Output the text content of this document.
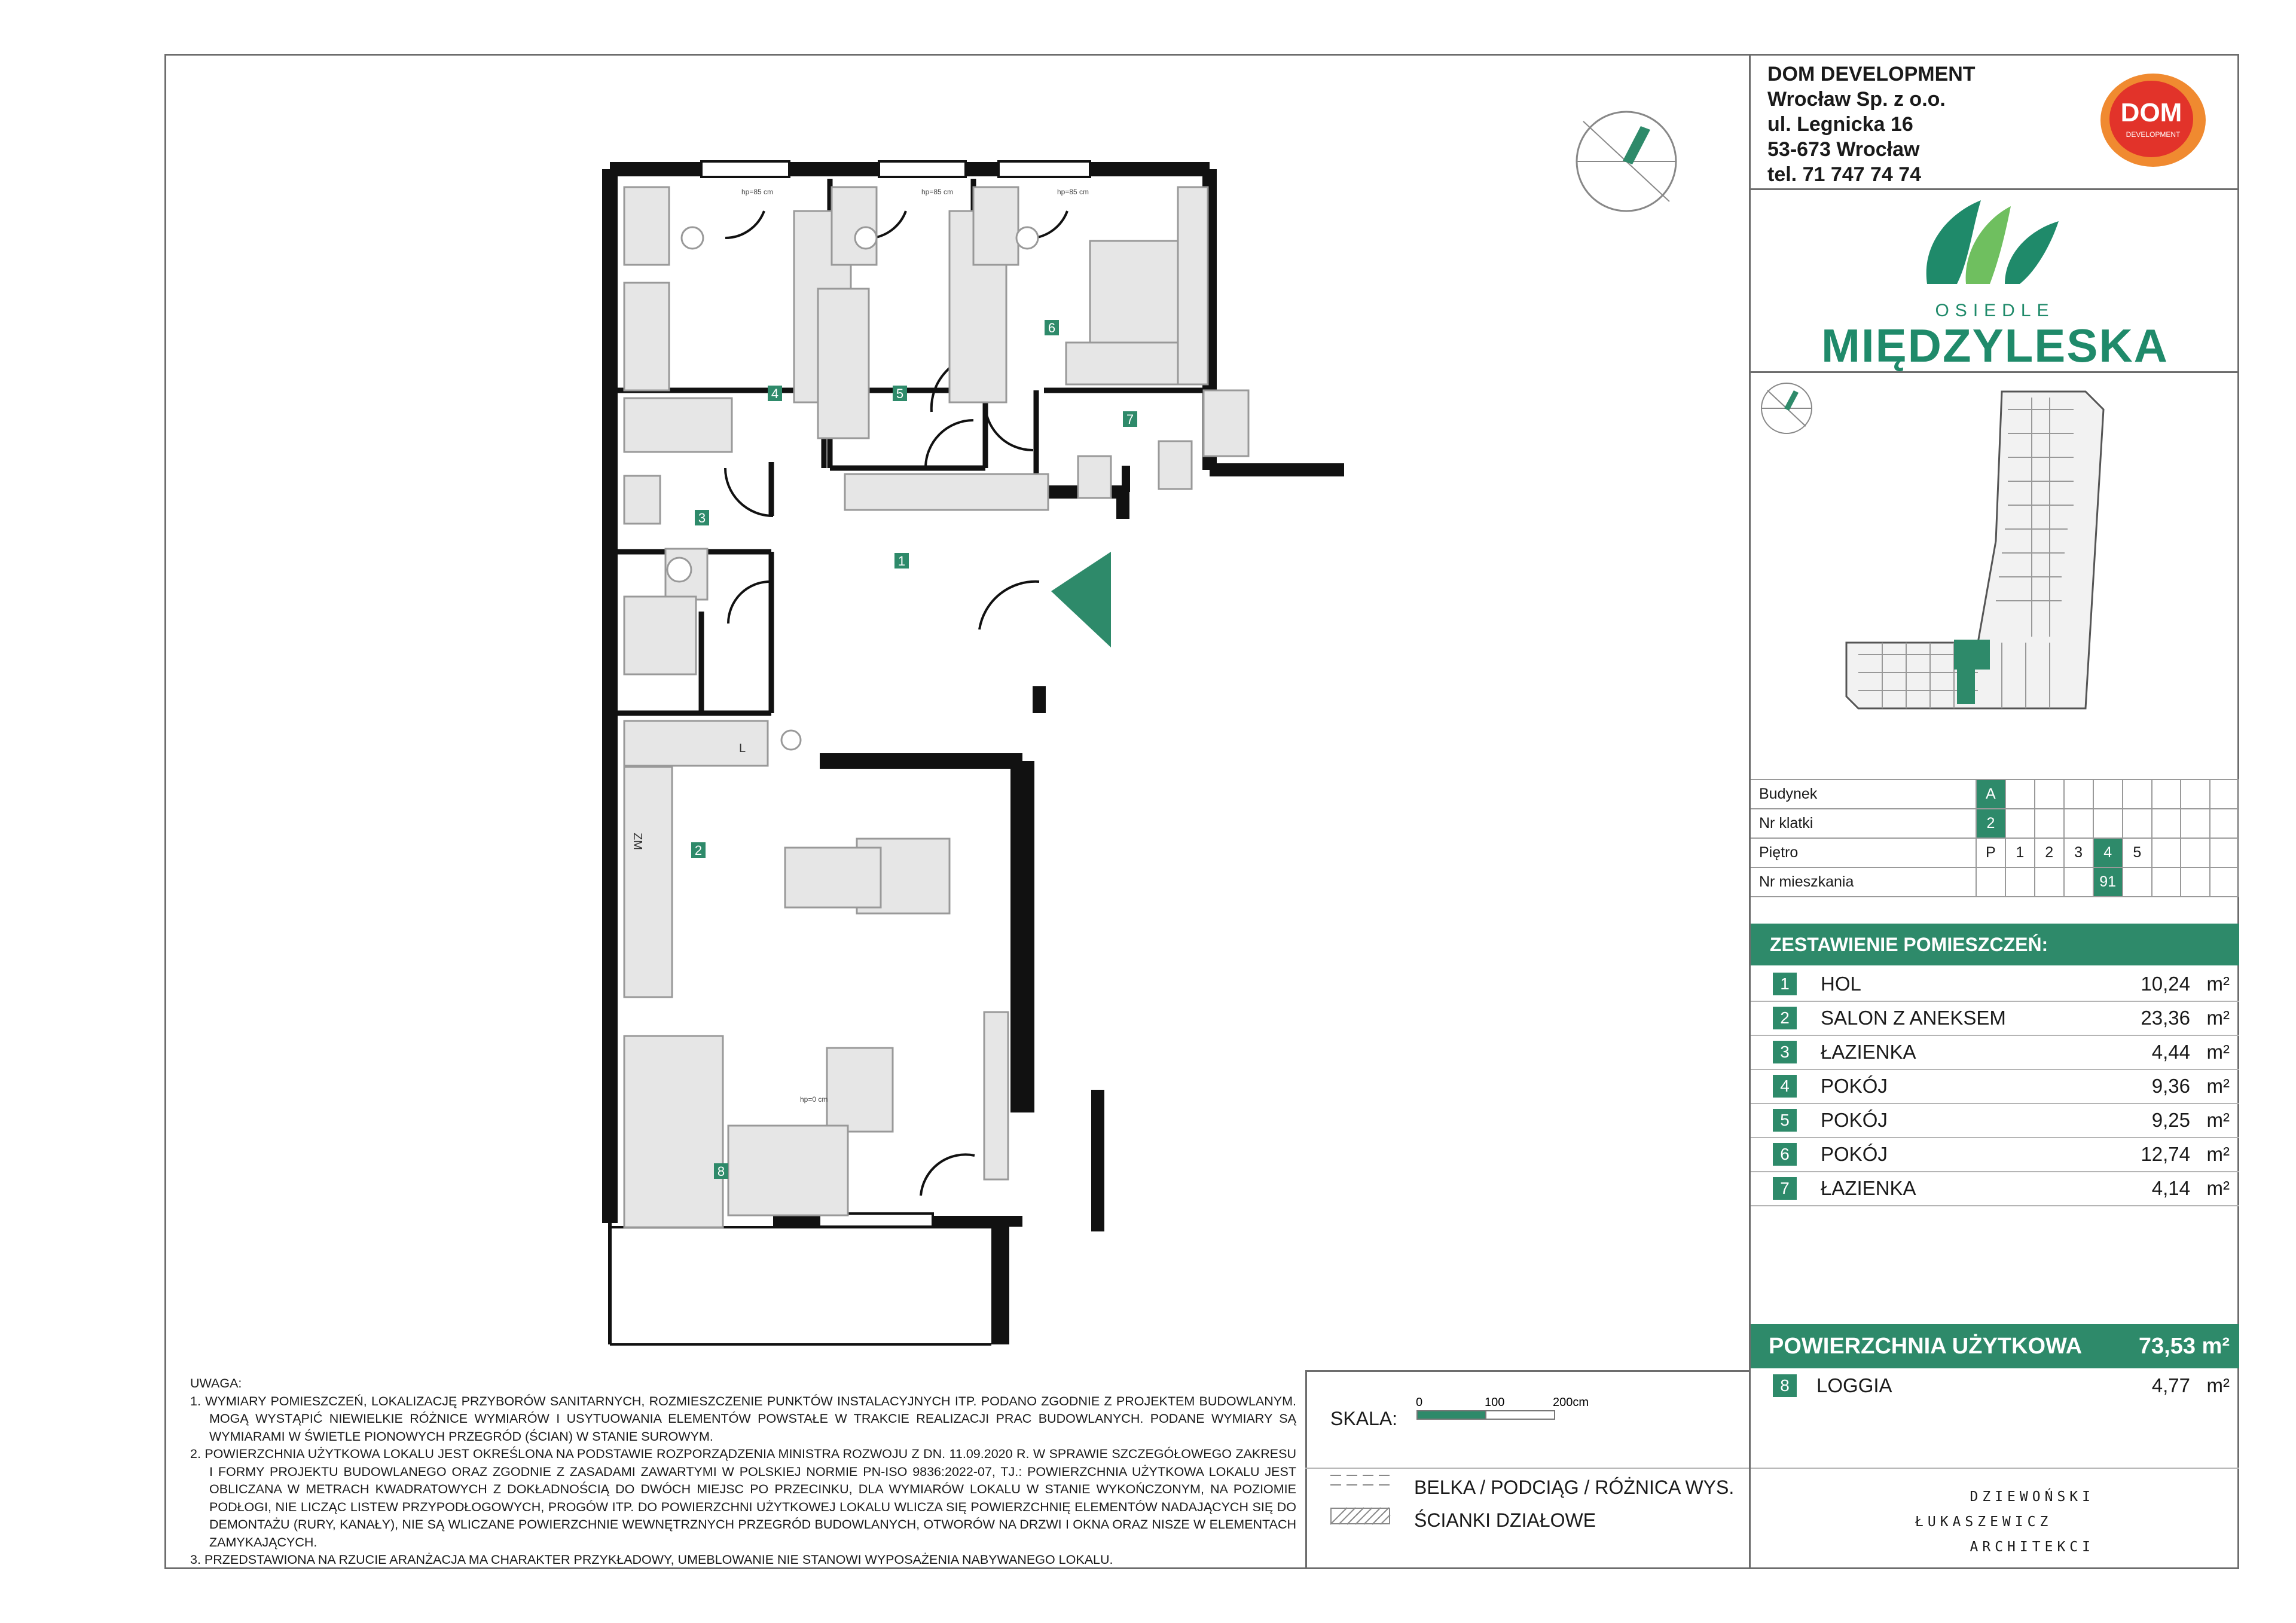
1
2
3
4	5
6
7
8
hp=85 cm	hp=85 cm	hp=85 cm
hp=0 cm
L
ZM
DOM DEVELOPMENT
Wrocław Sp. z o.o.
ul. Legnicka 16
53-673 Wrocław
tel. 71 747 74 74
DOM
DEVELOPMENT
OSIEDLE
MIĘDZYLESKA
Budynek	A								
Nr klatki	2								
Piętro	P	1	2	3	4	5			
Nr mieszkania					91				
ZESTAWIENIE POMIESZCZEŃ:
1	HOL	10,24 m²
2	SALON Z ANEKSEM	23,36 m²
3	ŁAZIENKA	4,44 m²
4	POKÓJ	9,36 m²
5	POKÓJ	9,25 m²
6	POKÓJ	12,74 m²
7	ŁAZIENKA	4,14 m²
POWIERZCHNIA UŻYTKOWA 73,53 m²
8	LOGGIA	4,77 m²
DZIEWOŃSKI
ŁUKASZEWICZ
ARCHITEKCI

UWAGA:

1. WYMIARY POMIESZCZEŃ, LOKALIZACJĘ PRZYBORÓW SANITARNYCH, ROZMIESZCZENIE PUNKTÓW INSTALACYJNYCH ITP. PODANO ZGODNIE Z PROJEKTEM BUDOWLANYM. MOGĄ WYSTĄPIĆ NIEWIELKIE RÓŻNICE WYMIARÓW I USYTUOWANIA ELEMENTÓW POWSTAŁE W TRAKCIE REALIZACJI PRAC BUDOWLANYCH. PODANE WYMIARY SĄ WYMIARAMI W ŚWIETLE PIONOWYCH PRZEGRÓD (ŚCIAN) W STANIE SUROWYM.

2. POWIERZCHNIA UŻYTKOWA LOKALU JEST OKREŚLONA NA PODSTAWIE ROZPORZĄDZENIA MINISTRA ROZWOJU Z DN. 11.09.2020 R. W SPRAWIE SZCZEGÓŁOWEGO ZAKRESU I FORMY PROJEKTU BUDOWLANEGO ORAZ ZGODNIE Z ZASADAMI ZAWARTYMI W POLSKIEJ NORMIE PN-ISO 9836:2022-07, TJ.: POWIERZCHNIA UŻYTKOWA LOKALU JEST OBLICZANA W METRACH KWADRATOWYCH Z DOKŁADNOŚCIĄ DO DWÓCH MIEJSC PO PRZECINKU, DLA WYMIARÓW LOKALU W STANIE WYKOŃCZONYM, NA POZIOMIE PODŁOGI, NIE LICZĄC LISTEW PRZYPODŁOGOWYCH, PROGÓW ITP. DO POWIERZCHNI UŻYTKOWEJ LOKALU WLICZA SIĘ POWIERZCHNIĘ ELEMENTÓW NADAJĄCYCH SIĘ DO DEMONTAŻU (RURY, KANAŁY), NIE SĄ WLICZANE POWIERZCHNIE WEWNĘTRZNYCH PRZEGRÓD BUDOWLANYCH, OTWORÓW NA DRZWI I OKNA ORAZ NISZE W ELEMENTACH ZAMYKAJĄCYCH.

3. PRZEDSTAWIONA NA RZUCIE ARANŻACJA MA CHARAKTER PRZYKŁADOWY, UMEBLOWANIE NIE STANOWI WYPOSAŻENIA NABYWANEGO LOKALU.

SKALA:
0	100	200cm
BELKA / PODCIĄG / RÓŻNICA WYS.
ŚCIANKI DZIAŁOWE
